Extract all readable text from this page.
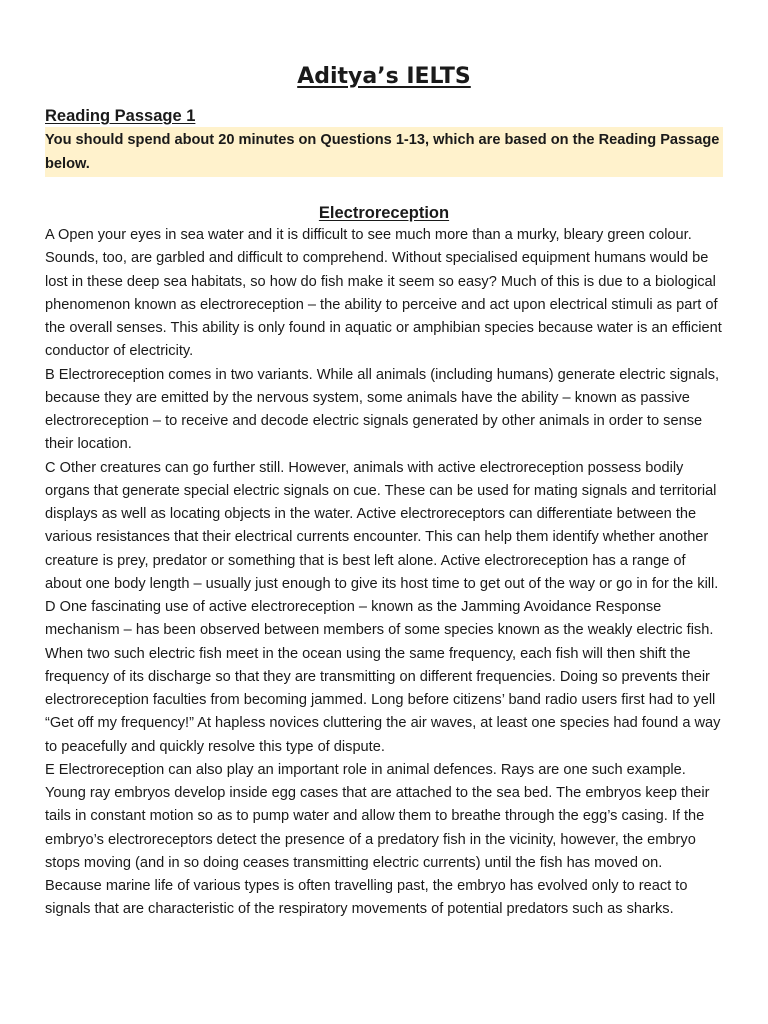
Aditya’s IELTS
Reading Passage 1

You should spend about 20 minutes on Questions 1-13, which are based on the Reading Passage below.

Electroreception

A Open your eyes in sea water and it is difficult to see much more than a murky, bleary green colour. Sounds, too, are garbled and difficult to comprehend. Without specialised equipment humans would be lost in these deep sea habitats, so how do fish make it seem so easy? Much of this is due to a biological phenomenon known as electroreception – the ability to perceive and act upon electrical stimuli as part of the overall senses. This ability is only found in aquatic or amphibian species because water is an efficient conductor of electricity.

B Electroreception comes in two variants. While all animals (including humans) generate electric signals, because they are emitted by the nervous system, some animals have the ability – known as passive electroreception – to receive and decode electric signals generated by other animals in order to sense their location.

C Other creatures can go further still. However, animals with active electroreception possess bodily organs that generate special electric signals on cue. These can be used for mating signals and territorial displays as well as locating objects in the water. Active electroreceptors can differentiate between the various resistances that their electrical currents encounter. This can help them identify whether another creature is prey, predator or something that is best left alone. Active electroreception has a range of about one body length – usually just enough to give its host time to get out of the way or go in for the kill.

D One fascinating use of active electroreception – known as the Jamming Avoidance Response mechanism – has been observed between members of some species known as the weakly electric fish. When two such electric fish meet in the ocean using the same frequency, each fish will then shift the frequency of its discharge so that they are transmitting on different frequencies. Doing so prevents their electroreception faculties from becoming jammed. Long before citizens’ band radio users first had to yell “Get off my frequency!” At hapless novices cluttering the air waves, at least one species had found a way to peacefully and quickly resolve this type of dispute.

E Electroreception can also play an important role in animal defences. Rays are one such example. Young ray embryos develop inside egg cases that are attached to the sea bed. The embryos keep their tails in constant motion so as to pump water and allow them to breathe through the egg’s casing. If the embryo’s electroreceptors detect the presence of a predatory fish in the vicinity, however, the embryo stops moving (and in so doing ceases transmitting electric currents) until the fish has moved on. Because marine life of various types is often travelling past, the embryo has evolved only to react to signals that are characteristic of the respiratory movements of potential predators such as sharks.
